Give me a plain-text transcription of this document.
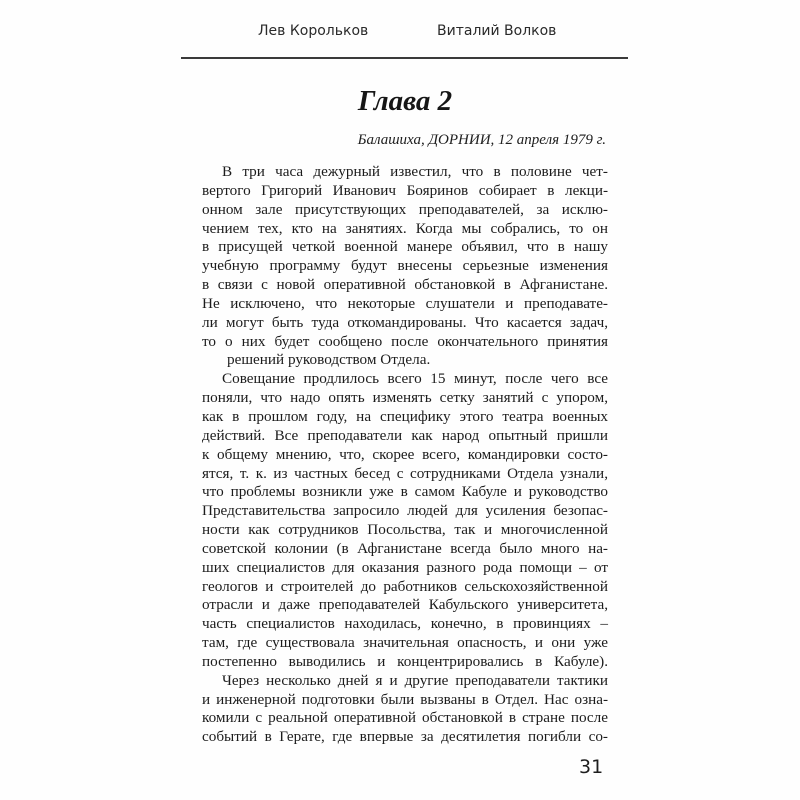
Лев Корольков	Виталий Волков
Глава 2
Балашиха, ДОРНИИ, 12 апреля 1979 г.
В три часа дежурный известил, что в половине чет-
вертого Григорий Иванович Бояринов собирает в лекци-
онном зале присутствующих преподавателей, за исклю-
чением тех, кто на занятиях. Когда мы собрались, то он
в присущей четкой военной манере объявил, что в нашу
учебную программу будут внесены серьезные изменения
в связи с новой оперативной обстановкой в Афганистане.
Не исключено, что некоторые слушатели и преподавате-
ли могут быть туда откомандированы. Что касается задач,
то о них будет сообщено после окончательного принятия
решений руководством Отдела.
Совещание продлилось всего 15 минут, после чего все
поняли, что надо опять изменять сетку занятий с упором,
как в прошлом году, на специфику этого театра военных
действий. Все преподаватели как народ опытный пришли
к общему мнению, что, скорее всего, командировки состо-
ятся, т. к. из частных бесед с сотрудниками Отдела узнали,
что проблемы возникли уже в самом Кабуле и руководство
Представительства запросило людей для усиления безопас-
ности как сотрудников Посольства, так и многочисленной
советской колонии (в Афганистане всегда было много на-
ших специалистов для оказания разного рода помощи – от
геологов и строителей до работников сельскохозяйственной
отрасли и даже преподавателей Кабульского университета,
часть специалистов находилась, конечно, в провинциях –
там, где существовала значительная опасность, и они уже
постепенно выводились и концентрировались в Кабуле).
Через несколько дней я и другие преподаватели тактики
и инженерной подготовки были вызваны в Отдел. Нас озна-
комили с реальной оперативной обстановкой в стране после
событий в Герате, где впервые за десятилетия погибли со-
31
